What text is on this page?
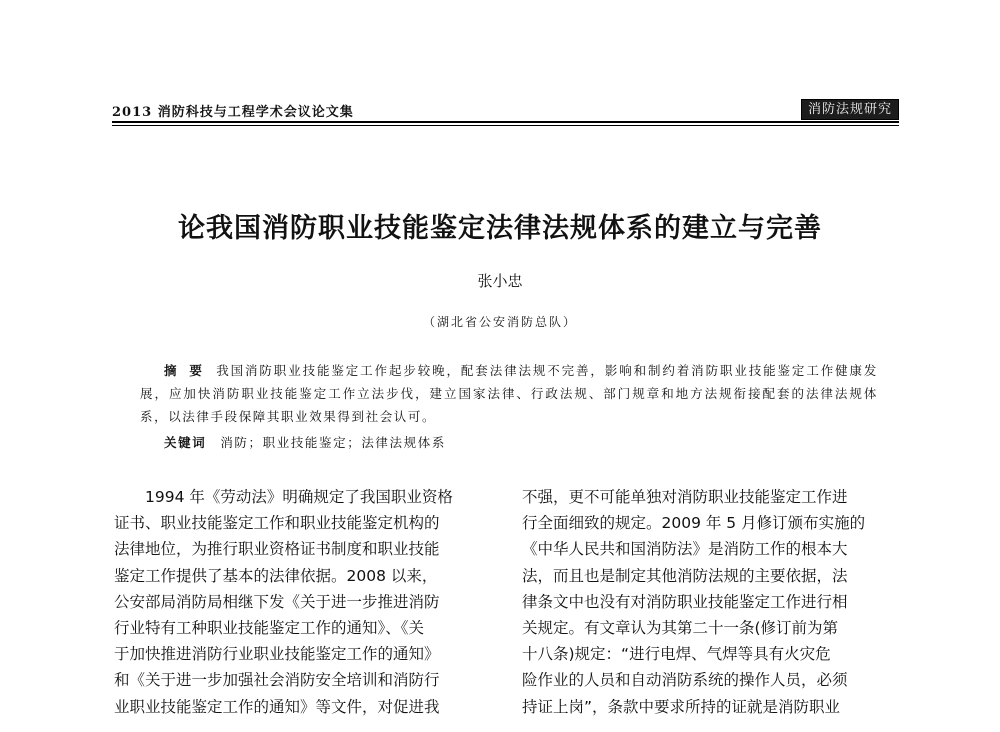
2013 消防科技与工程学术会议论文集	消防法规研究
论我国消防职业技能鉴定法律法规体系的建立与完善
张小忠
（湖北省公安消防总队）
摘 要 我国消防职业技能鉴定工作起步较晚，配套法律法规不完善，影响和制约着消防职业技能鉴定工作健康发展，应加快消防职业技能鉴定工作立法步伐，建立国家法律、行政法规、部门规章和地方法规衔接配套的法律法规体系，以法律手段保障其职业效果得到社会认可。
关键词 消防；职业技能鉴定；法律法规体系
　　1994 年《劳动法》明确规定了我国职业资格
证书、职业技能鉴定工作和职业技能鉴定机构的
法律地位，为推行职业资格证书制度和职业技能
鉴定工作提供了基本的法律依据。2008 以来，
公安部局消防局相继下发《关于进一步推进消防
行业特有工种职业技能鉴定工作的通知》、《关
于加快推进消防行业职业技能鉴定工作的通知》
和《关于进一步加强社会消防安全培训和消防行
业职业技能鉴定工作的通知》等文件，对促进我
不强，更不可能单独对消防职业技能鉴定工作进
行全面细致的规定。2009 年 5 月修订颁布实施的
《中华人民共和国消防法》是消防工作的根本大
法，而且也是制定其他消防法规的主要依据，法
律条文中也没有对消防职业技能鉴定工作进行相
关规定。有文章认为其第二十一条(修订前为第
十八条)规定：“进行电焊、气焊等具有火灾危
险作业的人员和自动消防系统的操作人员，必须
持证上岗”，条款中要求所持的证就是消防职业
